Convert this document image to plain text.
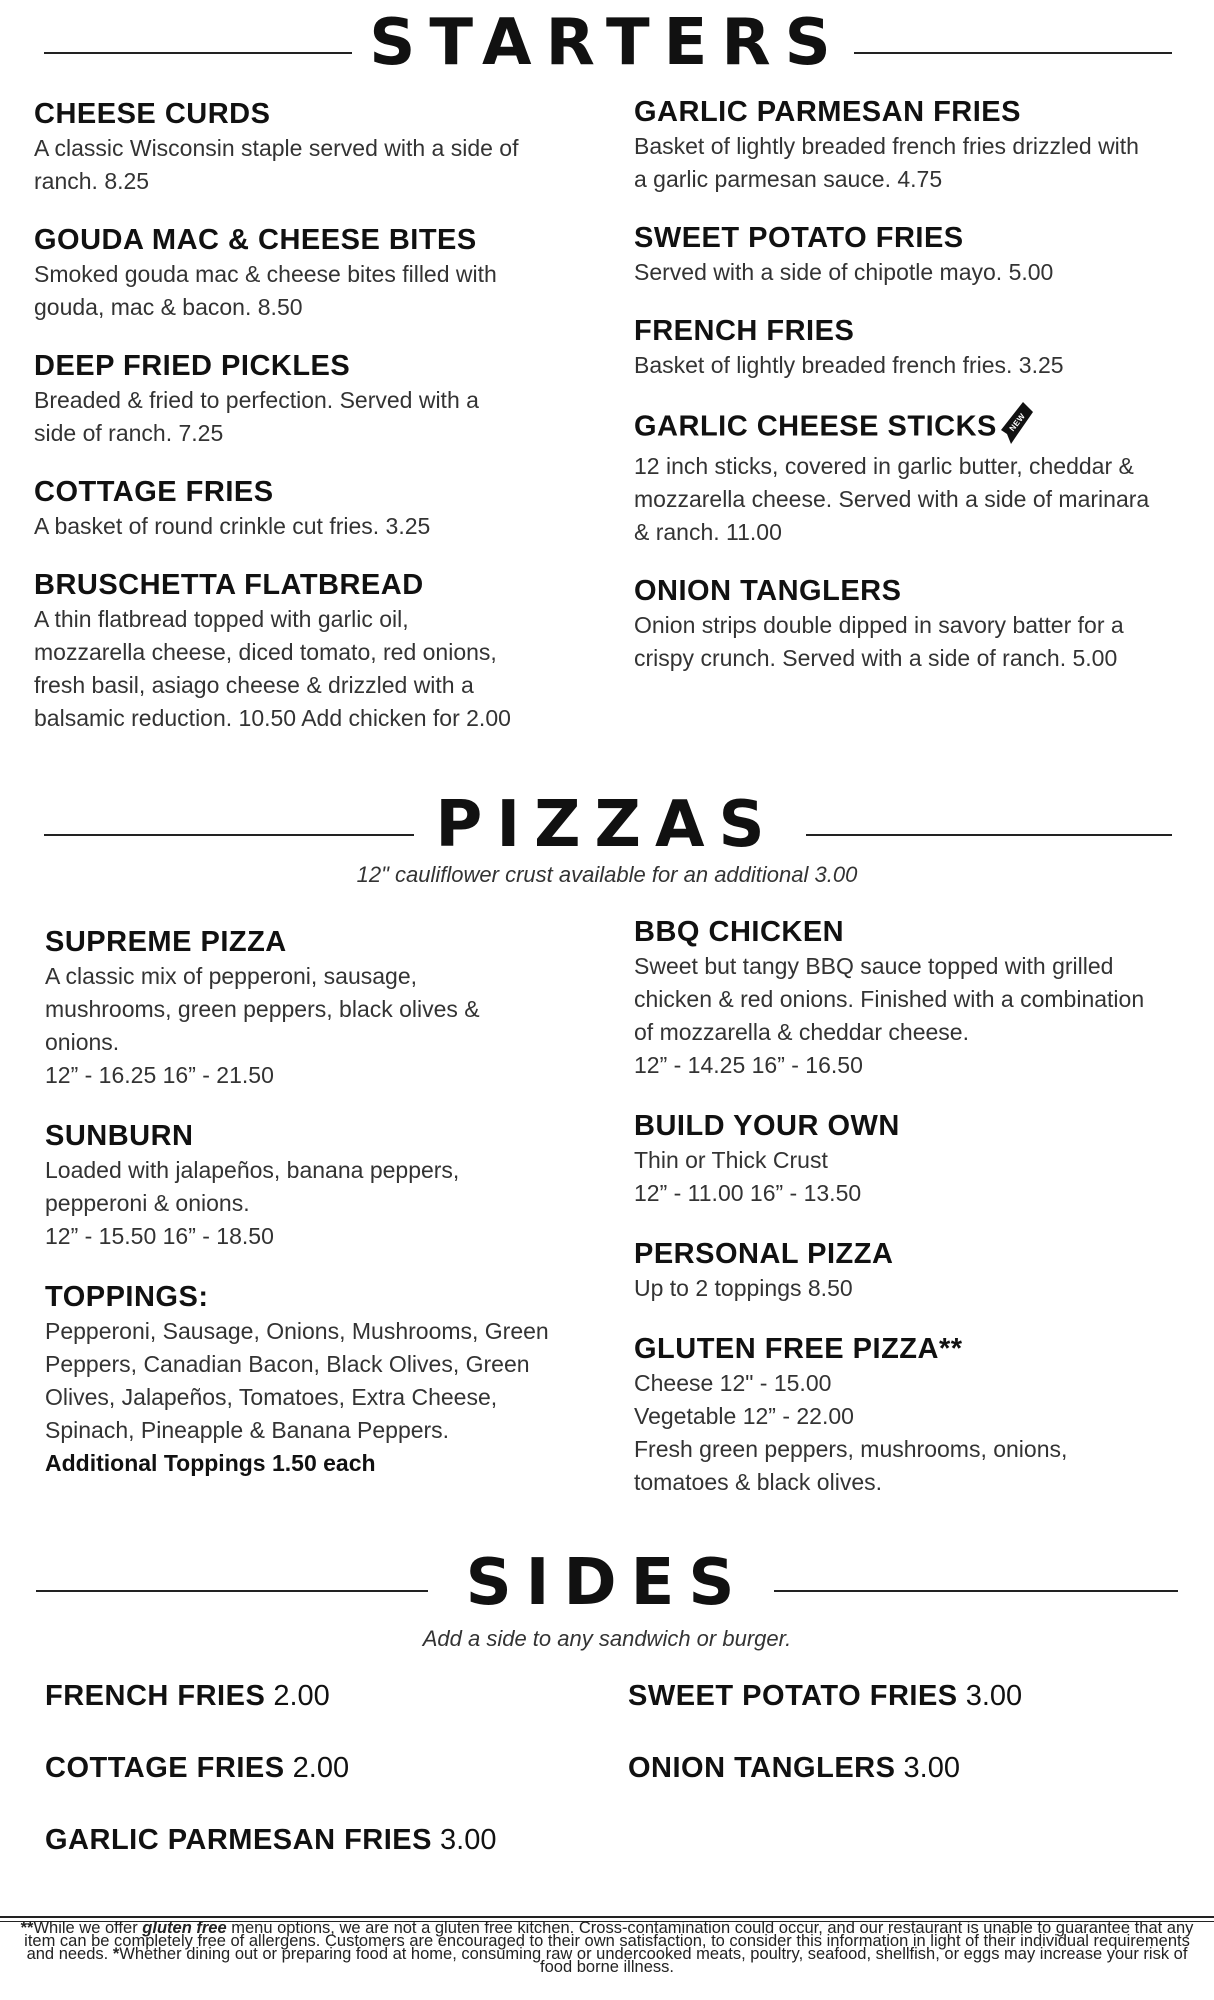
STARTERS
CHEESE CURDS
A classic Wisconsin staple served with a side of
ranch. 8.25
GOUDA MAC & CHEESE BITES
Smoked gouda mac & cheese bites filled with
gouda, mac & bacon. 8.50
DEEP FRIED PICKLES
Breaded & fried to perfection. Served with a
side of ranch. 7.25
COTTAGE FRIES
A basket of round crinkle cut fries. 3.25
BRUSCHETTA FLATBREAD
A thin flatbread topped with garlic oil,
mozzarella cheese, diced tomato, red onions,
fresh basil, asiago cheese & drizzled with a
balsamic reduction. 10.50 Add chicken for 2.00
GARLIC PARMESAN FRIES
Basket of lightly breaded french fries drizzled with
a garlic parmesan sauce. 4.75
SWEET POTATO FRIES
Served with a side of chipotle mayo. 5.00
FRENCH FRIES
Basket of lightly breaded french fries. 3.25
GARLIC CHEESE STICKS NEW
12 inch sticks, covered in garlic butter, cheddar &
mozzarella cheese. Served with a side of marinara
& ranch. 11.00
ONION TANGLERS
Onion strips double dipped in savory batter for a
crispy crunch. Served with a side of ranch. 5.00
PIZZAS
12" cauliflower crust available for an additional 3.00
SUPREME PIZZA
A classic mix of pepperoni, sausage,
mushrooms, green peppers, black olives &
onions.
12” - 16.25 16” - 21.50
SUNBURN
Loaded with jalapeños, banana peppers,
pepperoni & onions.
12” - 15.50 16” - 18.50
TOPPINGS:
Pepperoni, Sausage, Onions, Mushrooms, Green
Peppers, Canadian Bacon, Black Olives, Green
Olives, Jalapeños, Tomatoes, Extra Cheese,
Spinach, Pineapple & Banana Peppers.
Additional Toppings 1.50 each
BBQ CHICKEN
Sweet but tangy BBQ sauce topped with grilled
chicken & red onions. Finished with a combination
of mozzarella & cheddar cheese.
12” - 14.25 16” - 16.50
BUILD YOUR OWN
Thin or Thick Crust
12” - 11.00 16” - 13.50
PERSONAL PIZZA
Up to 2 toppings 8.50
GLUTEN FREE PIZZA**
Cheese 12" - 15.00
Vegetable 12” - 22.00
Fresh green peppers, mushrooms, onions,
tomatoes & black olives.
SIDES
Add a side to any sandwich or burger.
FRENCH FRIES 2.00
COTTAGE FRIES 2.00
GARLIC PARMESAN FRIES 3.00
SWEET POTATO FRIES 3.00
ONION TANGLERS 3.00
**While we offer gluten free menu options, we are not a gluten free kitchen. Cross-contamination could occur, and our restaurant is unable to guarantee that any item can be completely free of allergens. Customers are encouraged to their own satisfaction, to consider this information in light of their individual requirements and needs. *Whether dining out or preparing food at home, consuming raw or undercooked meats, poultry, seafood, shellfish, or eggs may increase your risk of food borne illness.
